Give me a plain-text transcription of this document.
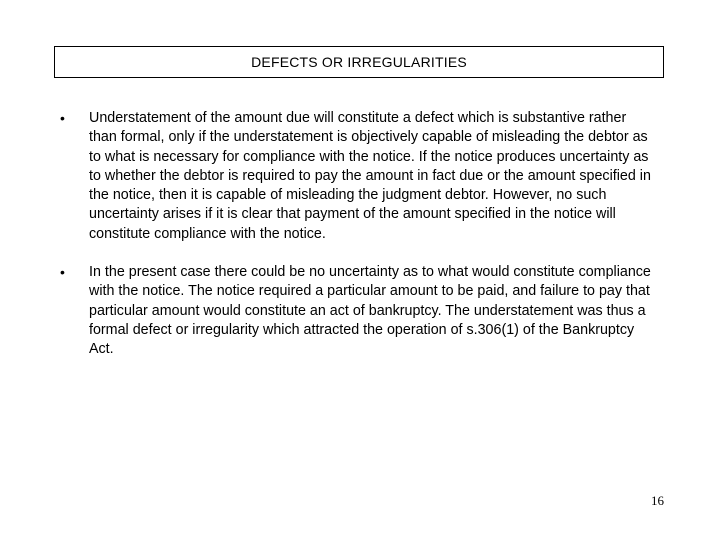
DEFECTS OR IRREGULARITIES
•	Understatement of the amount due will constitute a defect which is substantive rather than formal, only if the understatement is objectively capable of misleading the debtor as to what is necessary for compliance with the notice. If the notice produces uncertainty as to whether the debtor is required to pay the amount in fact due or the amount specified in the notice, then it is capable of misleading the judgment debtor. However, no such uncertainty arises if it is clear that payment of the amount specified in the notice will constitute compliance with the notice.
•	In the present case there could be no uncertainty as to what would constitute compliance with the notice. The notice required a particular amount to be paid, and failure to pay that particular amount would constitute an act of bankruptcy. The understatement was thus a formal defect or irregularity which attracted the operation of s.306(1) of the Bankruptcy Act.
16
